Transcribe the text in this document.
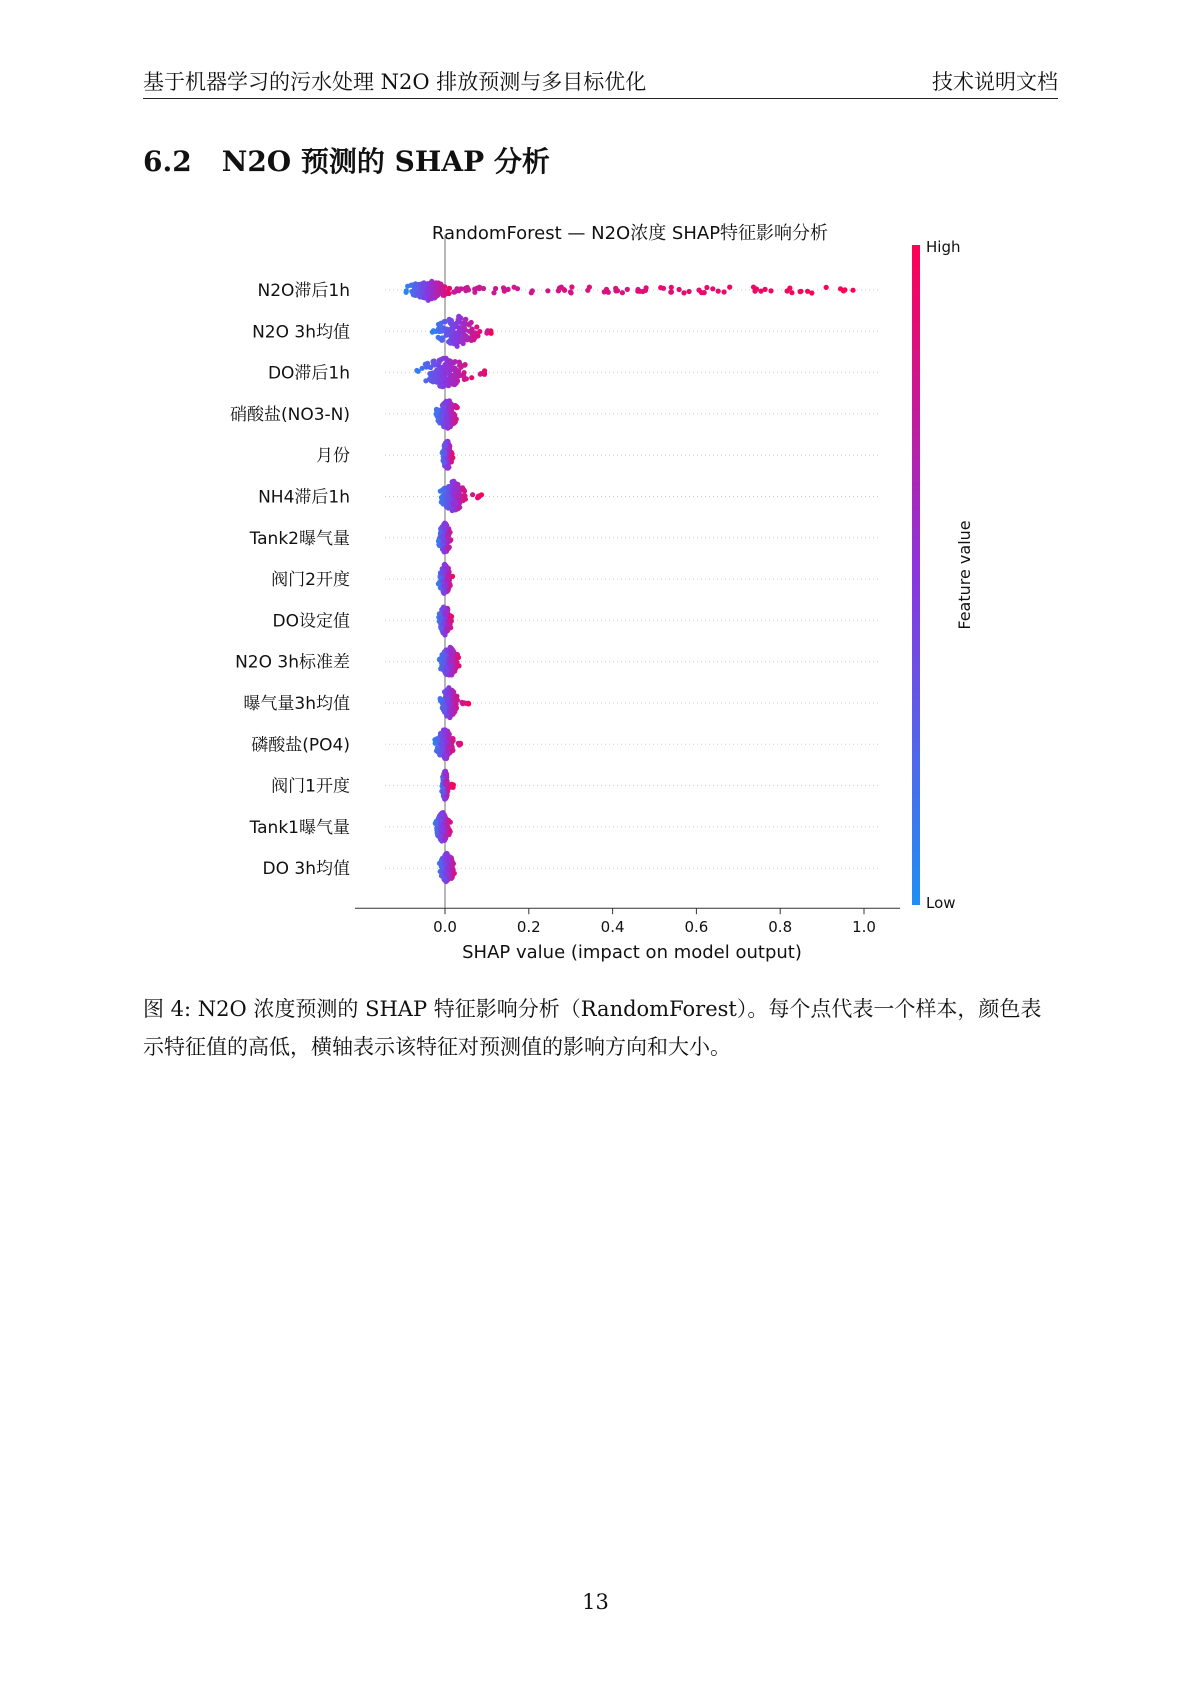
基于机器学习的污水处理 N2O 排放预测与多目标优化	技术说明文档
6.2 N2O 预测的 SHAP 分析
RandomForest — N2O浓度 SHAP特征影响分析
N2O滞后1h
N2O 3h均值
DO滞后1h
硝酸盐(NO3-N)
月份
NH4滞后1h
Tank2曝气量
阀门2开度
DO设定值
N2O 3h标准差
曝气量3h均值
磷酸盐(PO4)
阀门1开度
Tank1曝气量
DO 3h均值
0.0	0.2	0.4	0.6	0.8	1.0
SHAP value (impact on model output)
High
Low
Feature value
图 4: N2O 浓度预测的 SHAP 特征影响分析（RandomForest）。每个点代表一个样本，颜色表示特征值的高低，横轴表示该特征对预测值的影响方向和大小。
13
